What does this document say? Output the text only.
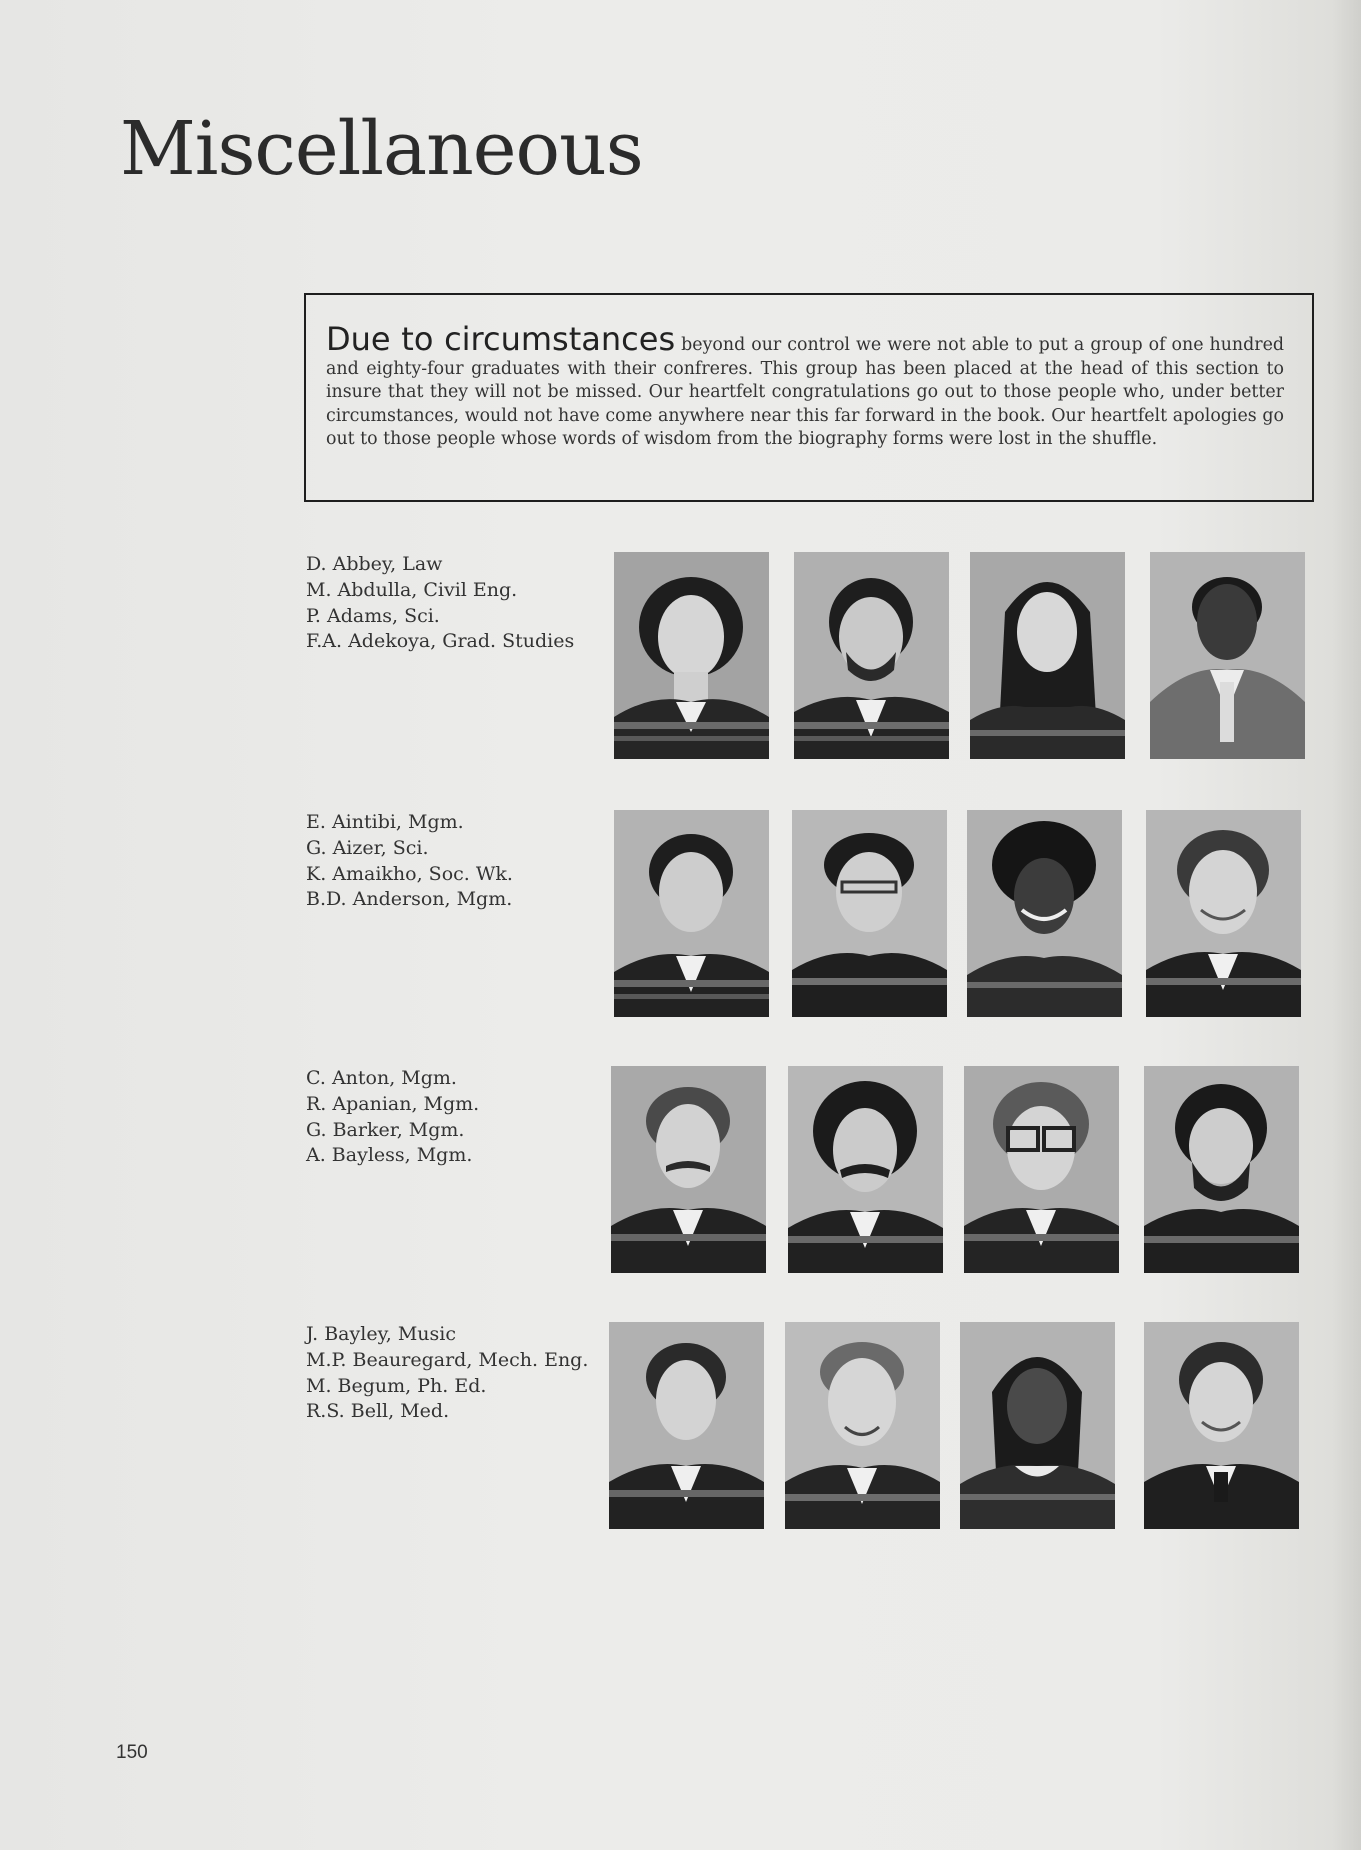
Miscellaneous

Due to circumstances beyond our control we were not able to put a group of one hundred and eighty-four graduates with their confreres. This group has been placed at the head of this section to insure that they will not be missed. Our heartfelt congratulations go out to those people who, under better circumstances, would not have come anywhere near this far forward in the book. Our heartfelt apologies go out to those people whose words of wisdom from the biography forms were lost in the shuffle.

D. Abbey, Law
M. Abdulla, Civil Eng.
P. Adams, Sci.
F.A. Adekoya, Grad. Studies
E. Aintibi, Mgm.
G. Aizer, Sci.
K. Amaikho, Soc. Wk.
B.D. Anderson, Mgm.
C. Anton, Mgm.
R. Apanian, Mgm.
G. Barker, Mgm.
A. Bayless, Mgm.
J. Bayley, Music
M.P. Beauregard, Mech. Eng.
M. Begum, Ph. Ed.
R.S. Bell, Med.
150
